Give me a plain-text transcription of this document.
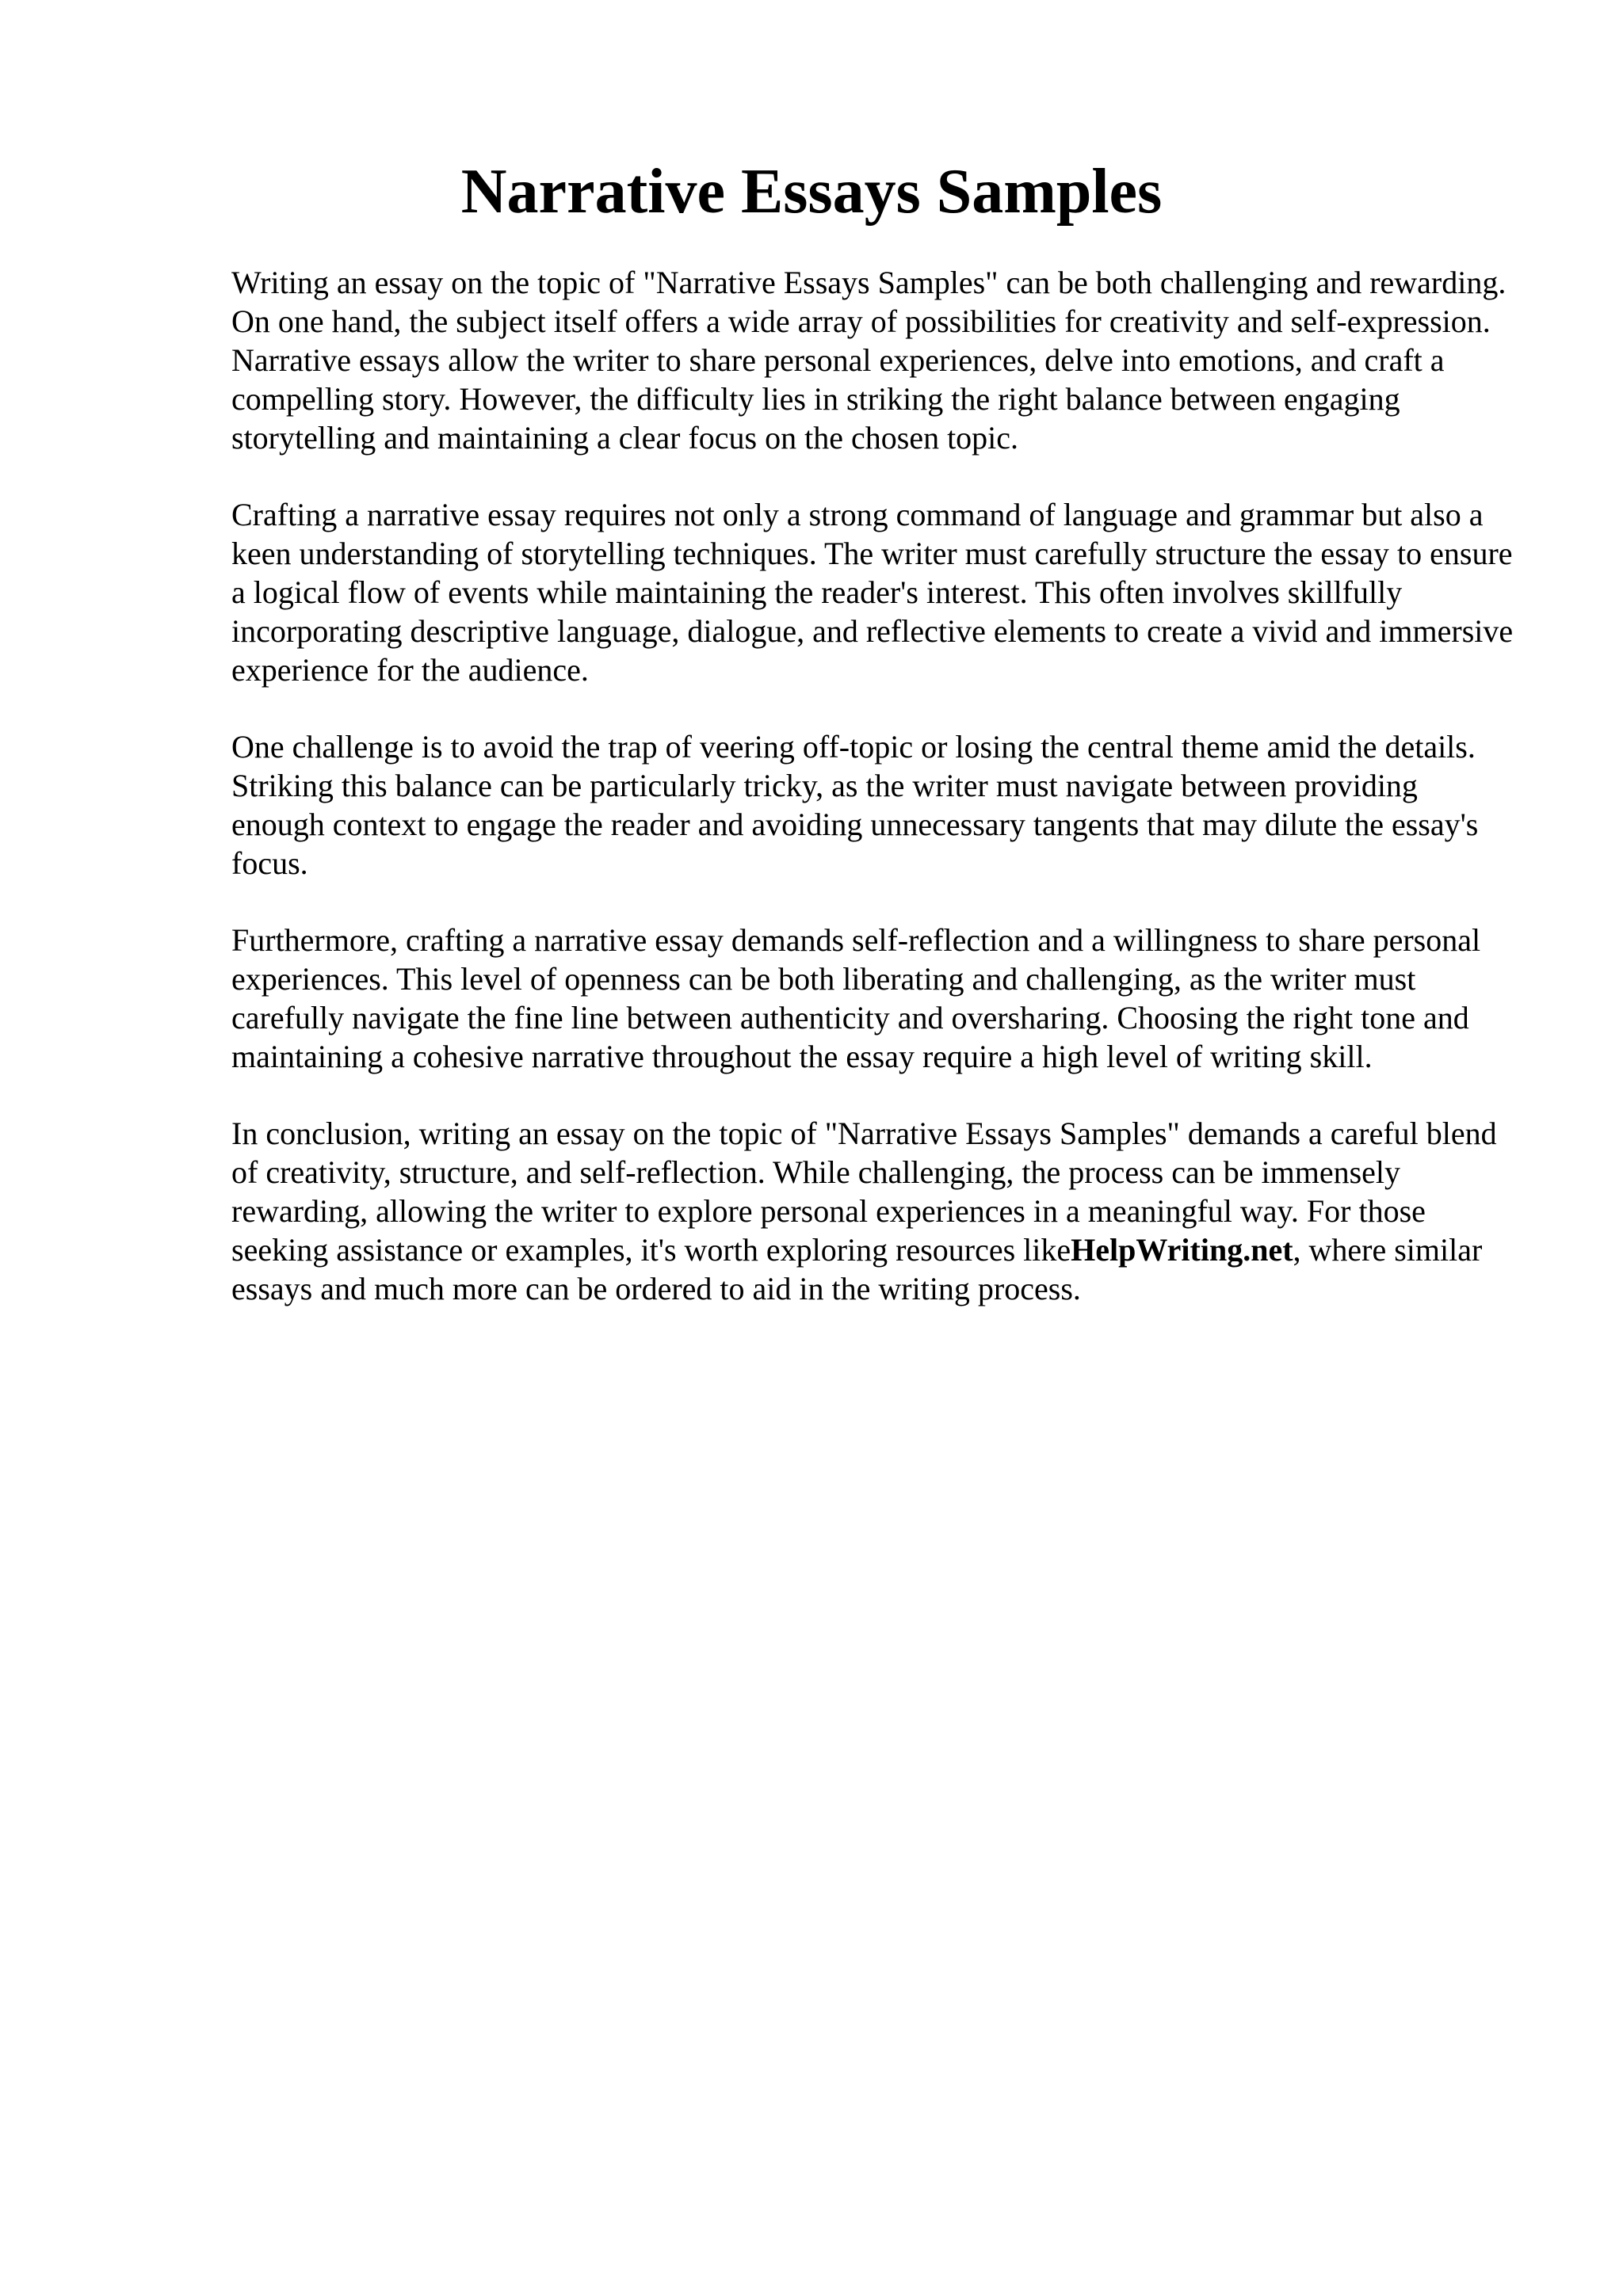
Narrative Essays Samples

Writing an essay on the topic of "Narrative Essays Samples" can be both challenging and rewarding. On one hand, the subject itself offers a wide array of possibilities for creativity and self-expression. Narrative essays allow the writer to share personal experiences, delve into emotions, and craft a compelling story. However, the difficulty lies in striking the right balance between engaging storytelling and maintaining a clear focus on the chosen topic.

Crafting a narrative essay requires not only a strong command of language and grammar but also a keen understanding of storytelling techniques. The writer must carefully structure the essay to ensure a logical flow of events while maintaining the reader's interest. This often involves skillfully incorporating descriptive language, dialogue, and reflective elements to create a vivid and immersive experience for the audience.

One challenge is to avoid the trap of veering off-topic or losing the central theme amid the details. Striking this balance can be particularly tricky, as the writer must navigate between providing enough context to engage the reader and avoiding unnecessary tangents that may dilute the essay's focus.

Furthermore, crafting a narrative essay demands self-reflection and a willingness to share personal experiences. This level of openness can be both liberating and challenging, as the writer must carefully navigate the fine line between authenticity and oversharing. Choosing the right tone and maintaining a cohesive narrative throughout the essay require a high level of writing skill.

In conclusion, writing an essay on the topic of "Narrative Essays Samples" demands a careful blend of creativity, structure, and self-reflection. While challenging, the process can be immensely rewarding, allowing the writer to explore personal experiences in a meaningful way. For those seeking assistance or examples, it's worth exploring resources likeHelpWriting.net, where similar essays and much more can be ordered to aid in the writing process.
